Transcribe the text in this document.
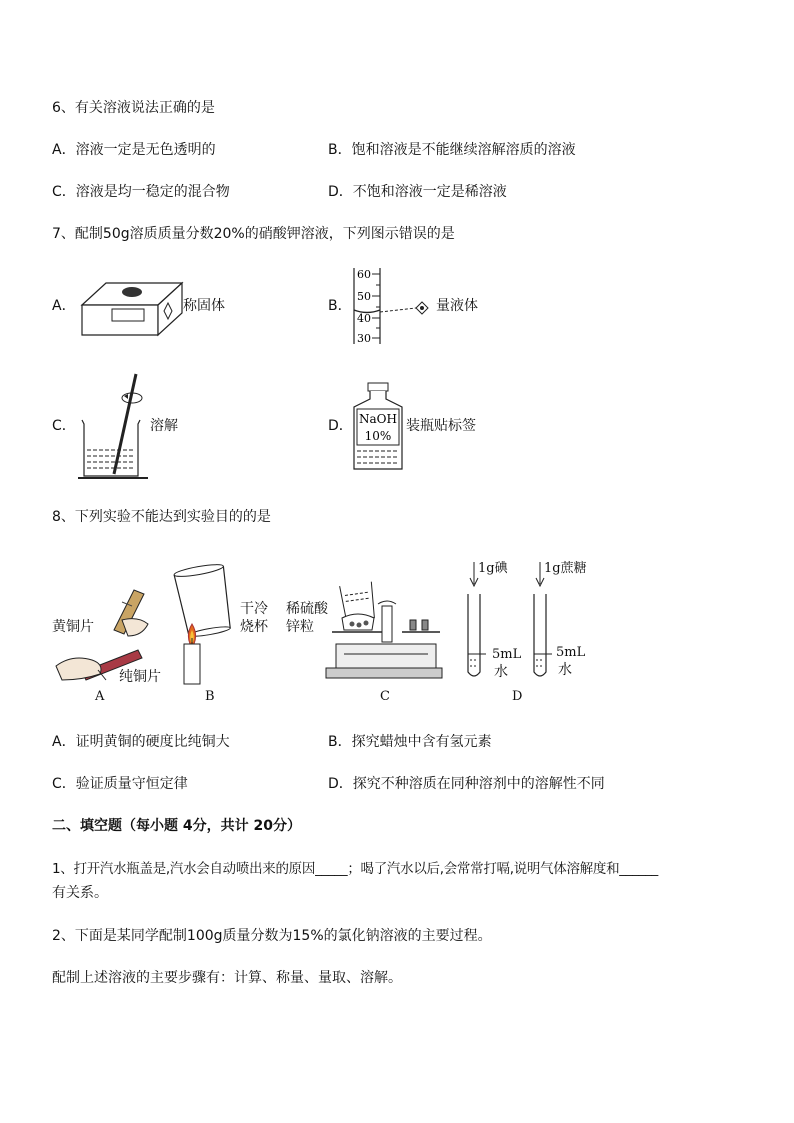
6、有关溶液说法正确的是
A．溶液一定是无色透明的	B．饱和溶液是不能继续溶解溶质的溶液
C．溶液是均一稳定的混合物	D．不饱和溶液一定是稀溶液
7、配制50g溶质质量分数20%的硝酸钾溶液，下列图示错误的是
A．	称固体	B．
60
50
40
30
量液体
C．	溶解	D． NaOH
10%
装瓶贴标签
8、下列实验不能达到实验目的的是
黄铜片
纯铜片
A
干冷
烧杯
B
稀硫酸
锌粒
C
1g碘	1g蔗糖
5mL
水
5mL
水
D
A．证明黄铜的硬度比纯铜大	B．探究蜡烛中含有氢元素
C．验证质量守恒定律	D．探究不种溶质在同种溶剂中的溶解性不同
二、填空题（每小题 4分，共计 20分）
1、打开汽水瓶盖是,汽水会自动喷出来的原因_____；喝了汽水以后,会常常打嗝,说明气体溶解度和______
有关系。
2、下面是某同学配制100g质量分数为15%的氯化钠溶液的主要过程。
配制上述溶液的主要步骤有：计算、称量、量取、溶解。
